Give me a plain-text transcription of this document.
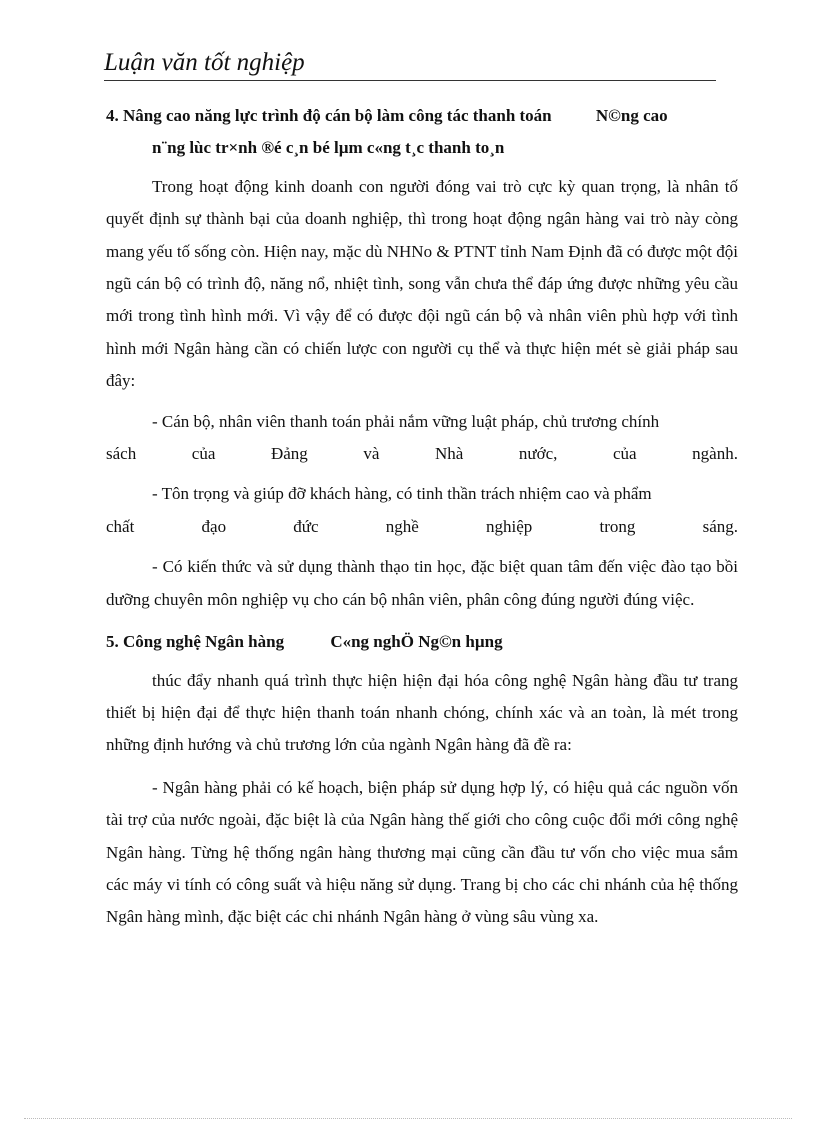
Luận văn tốt nghiệp
4. Nâng cao năng lực trình độ cán bộ làm công tác thanh toán	N©ng cao
n¨ng lùc tr×nh ®é c¸n bé lµm c«ng t¸c thanh to¸n

Trong hoạt động kinh doanh con người đóng vai trò cực kỳ quan trọng, là nhân tố quyết định sự thành bại của doanh nghiệp, thì trong hoạt động ngân hàng vai trò này còng mang yếu tố sống còn. Hiện nay, mặc dù NHNo & PTNT tỉnh Nam Định đã có được một đội ngũ cán bộ có trình độ, năng nổ, nhiệt tình, song vẫn chưa thể đáp ứng được những yêu cầu mới trong tình hình mới. Vì vậy để có được đội ngũ cán bộ và nhân viên phù hợp với tình hình mới Ngân hàng cần có chiến lược con người cụ thể và thực hiện mét sè giải pháp sau đây:

- Cán bộ, nhân viên thanh toán phải nắm vững luật pháp, chủ trương chính

sách	của	Đảng	và	Nhà	nước,	của	ngành.

- Tôn trọng và giúp đỡ khách hàng, có tinh thần trách nhiệm cao và phẩm

chất	đạo	đức	nghề	nghiệp	trong	sáng.

- Có kiến thức và sử dụng thành thạo tin học, đặc biệt quan tâm đến việc đào tạo bồi dưỡng chuyên môn nghiệp vụ cho cán bộ nhân viên, phân công đúng người đúng việc.

5. Công nghệ Ngân hàng	C«ng nghÖ Ng©n hµng

thúc đẩy nhanh quá trình thực hiện hiện đại hóa công nghệ Ngân hàng đầu tư trang thiết bị hiện đại để thực hiện thanh toán nhanh chóng, chính xác và an toàn, là mét trong những định hướng và chủ trương lớn của ngành Ngân hàng đã đề ra:

- Ngân hàng phải có kế hoạch, biện pháp sử dụng hợp lý, có hiệu quả các nguồn vốn tài trợ của nước ngoài, đặc biệt là của Ngân hàng thế giới cho công cuộc đổi mới công nghệ Ngân hàng. Từng hệ thống ngân hàng thương mại cũng cần đầu tư vốn cho việc mua sắm các máy vi tính có công suất và hiệu năng sử dụng. Trang bị cho các chi nhánh của hệ thống Ngân hàng mình, đặc biệt các chi nhánh Ngân hàng ở vùng sâu vùng xa.
